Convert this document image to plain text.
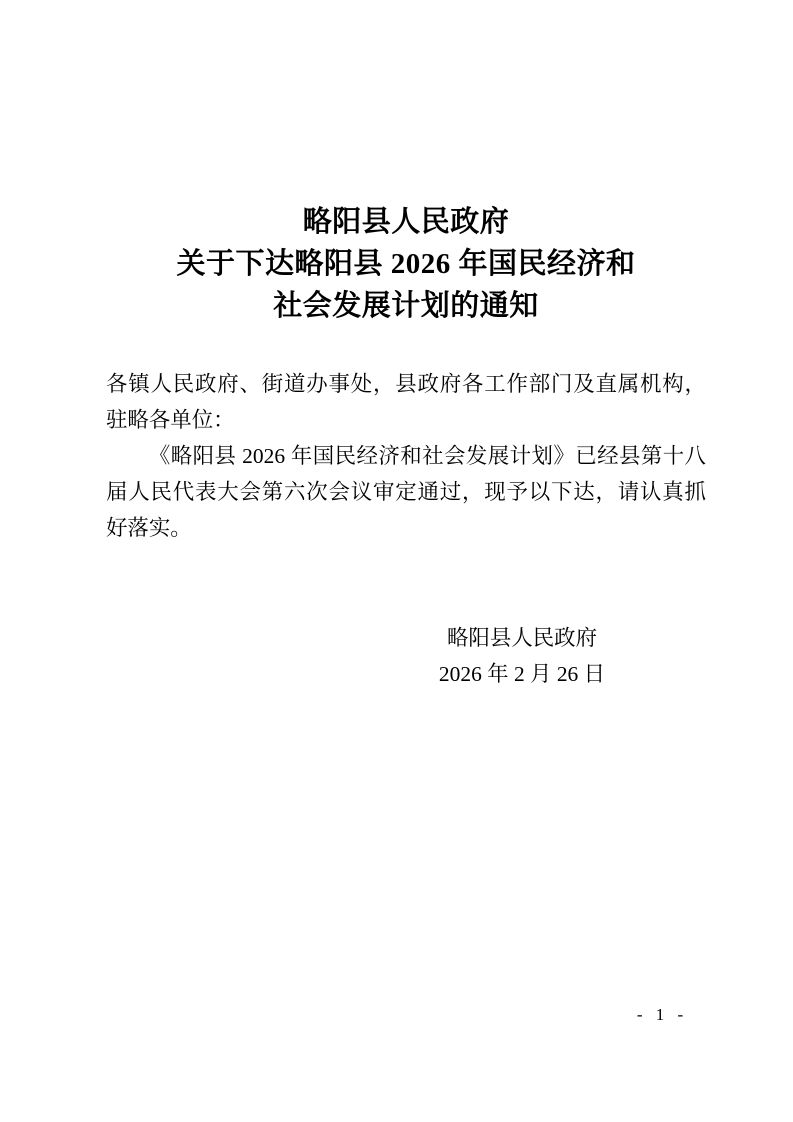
略阳县人民政府
关于下达略阳县 2026 年国民经济和
社会发展计划的通知

各镇人民政府、街道办事处，县政府各工作部门及直属机构，驻略各单位：

《略阳县 2026 年国民经济和社会发展计划》已经县第十八届人民代表大会第六次会议审定通过，现予以下达，请认真抓好落实。

略阳县人民政府
2026 年 2 月 26 日
- 1 -
